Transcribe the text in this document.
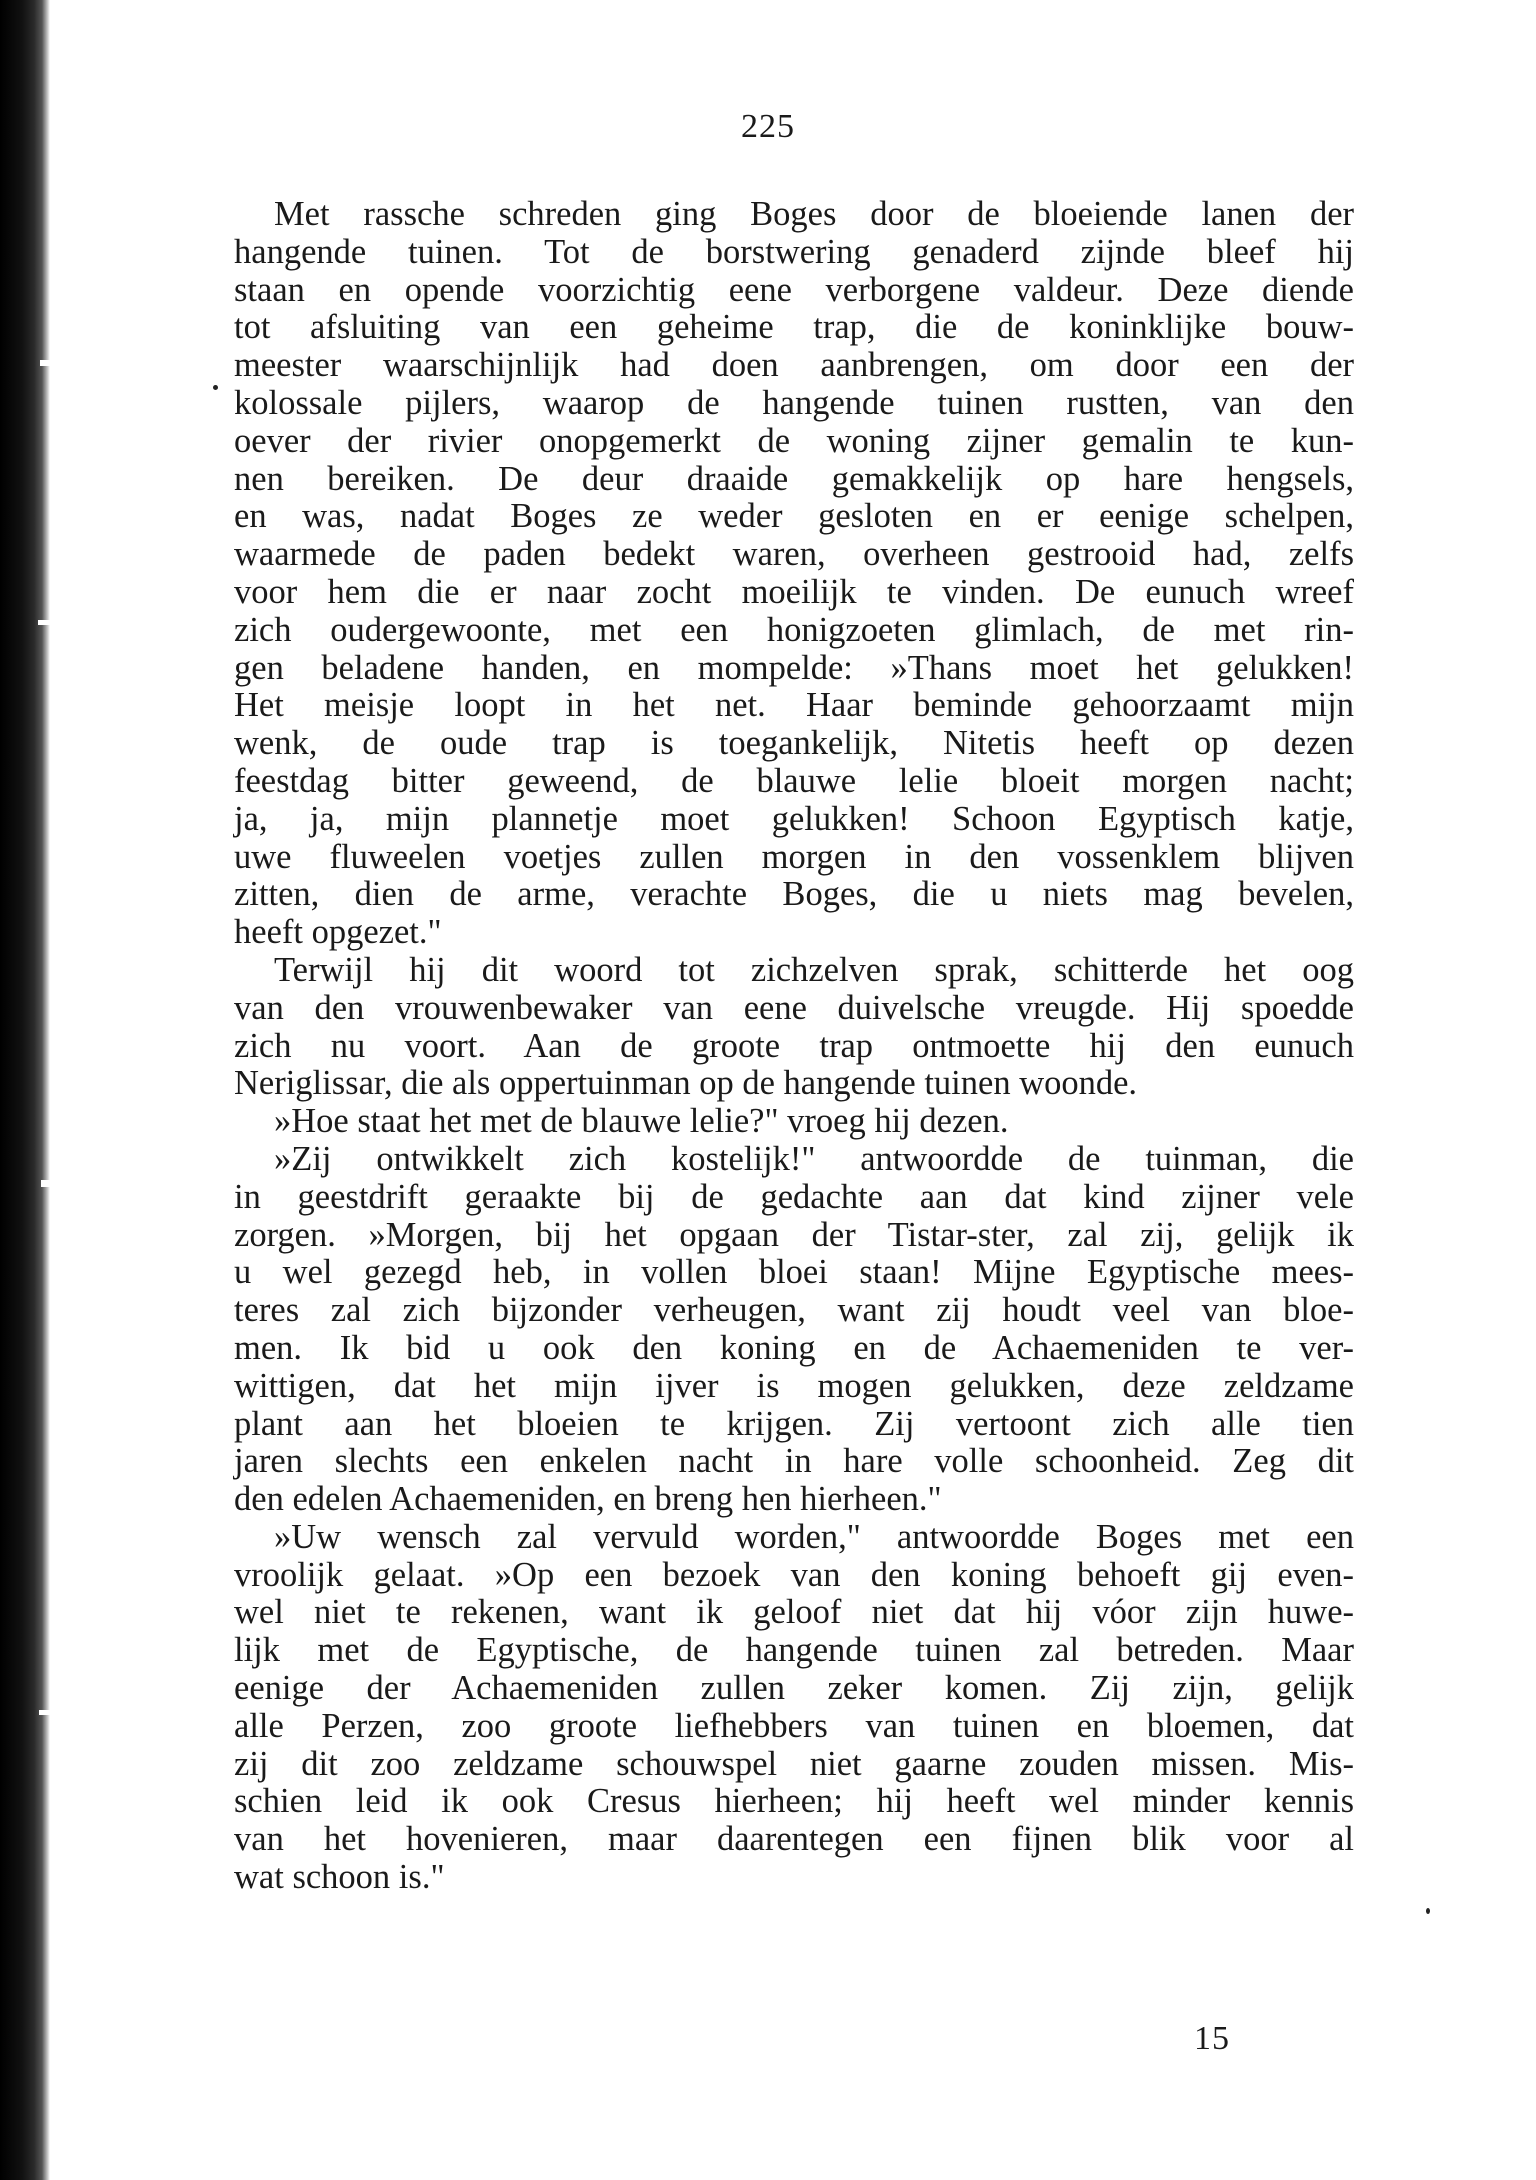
225
Met rassche schreden ging Boges door de bloeiende lanen der
hangende tuinen. Tot de borstwering genaderd zijnde bleef hij
staan en opende voorzichtig eene verborgene valdeur. Deze diende
tot afsluiting van een geheime trap, die de koninklijke bouw-
meester waarschijnlijk had doen aanbrengen, om door een der
kolossale pijlers, waarop de hangende tuinen rustten, van den
oever der rivier onopgemerkt de woning zijner gemalin te kun-
nen bereiken. De deur draaide gemakkelijk op hare hengsels,
en was, nadat Boges ze weder gesloten en er eenige schelpen,
waarmede de paden bedekt waren, overheen gestrooid had, zelfs
voor hem die er naar zocht moeilijk te vinden. De eunuch wreef
zich oudergewoonte, met een honigzoeten glimlach, de met rin-
gen beladene handen, en mompelde: »Thans moet het gelukken!
Het meisje loopt in het net. Haar beminde gehoorzaamt mijn
wenk, de oude trap is toegankelijk, Nitetis heeft op dezen
feestdag bitter geweend, de blauwe lelie bloeit morgen nacht;
ja, ja, mijn plannetje moet gelukken! Schoon Egyptisch katje,
uwe fluweelen voetjes zullen morgen in den vossenklem blijven
zitten, dien de arme, verachte Boges, die u niets mag bevelen,
heeft opgezet."
Terwijl hij dit woord tot zichzelven sprak, schitterde het oog
van den vrouwenbewaker van eene duivelsche vreugde. Hij spoedde
zich nu voort. Aan de groote trap ontmoette hij den eunuch
Neriglissar, die als oppertuinman op de hangende tuinen woonde.
»Hoe staat het met de blauwe lelie?" vroeg hij dezen.
»Zij ontwikkelt zich kostelijk!" antwoordde de tuinman, die
in geestdrift geraakte bij de gedachte aan dat kind zijner vele
zorgen. »Morgen, bij het opgaan der Tistar-ster, zal zij, gelijk ik
u wel gezegd heb, in vollen bloei staan! Mijne Egyptische mees-
teres zal zich bijzonder verheugen, want zij houdt veel van bloe-
men. Ik bid u ook den koning en de Achaemeniden te ver-
wittigen, dat het mijn ijver is mogen gelukken, deze zeldzame
plant aan het bloeien te krijgen. Zij vertoont zich alle tien
jaren slechts een enkelen nacht in hare volle schoonheid. Zeg dit
den edelen Achaemeniden, en breng hen hierheen."
»Uw wensch zal vervuld worden," antwoordde Boges met een
vroolijk gelaat. »Op een bezoek van den koning behoeft gij even-
wel niet te rekenen, want ik geloof niet dat hij vóor zijn huwe-
lijk met de Egyptische, de hangende tuinen zal betreden. Maar
eenige der Achaemeniden zullen zeker komen. Zij zijn, gelijk
alle Perzen, zoo groote liefhebbers van tuinen en bloemen, dat
zij dit zoo zeldzame schouwspel niet gaarne zouden missen. Mis-
schien leid ik ook Cresus hierheen; hij heeft wel minder kennis
van het hovenieren, maar daarentegen een fijnen blik voor al
wat schoon is."
15
